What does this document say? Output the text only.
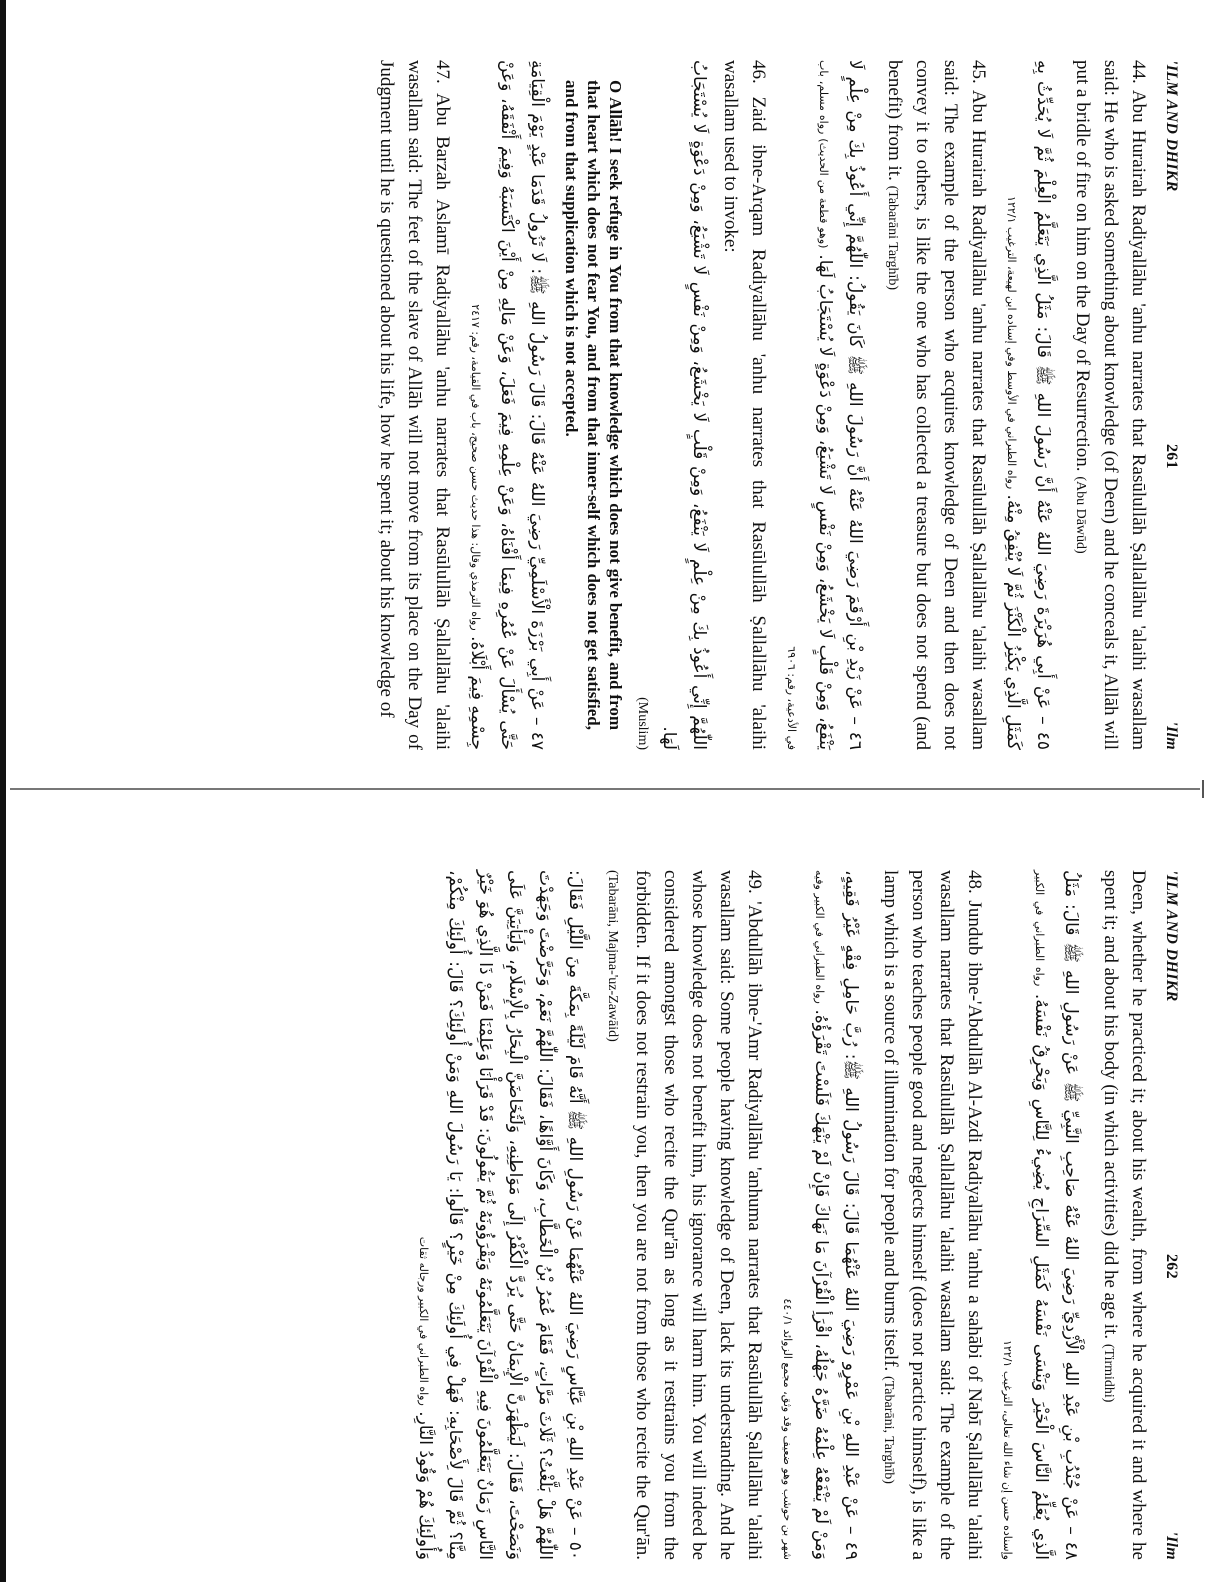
'ILM AND DHIKR
261
'Ilm

44. Abu Hurairah Radiyallāhu 'anhu narrates that Rasūlullāh Ṣallallāhu 'alaihi wasallam said: He who is asked something about knowledge (of Deen) and he conceals it, Allāh will put a bridle of fire on him on the Day of Resurrection. (Abu Dāwūd)

٤٥ – عَنْ أَبِي هُرَيْرَةَ رَضِيَ اللهُ عَنْهُ أَنَّ رَسُولَ اللهِ ﷺ قَالَ: مَثَلُ الَّذِي يَتَعَلَّمُ الْعِلْمَ ثُمَّ لَا يُحَدِّثُ بِهِ كَمَثَلِ الَّذِي يَكْنِزُ الْكَنْزَ ثُمَّ لَا يُنْفِقُ مِنْهُ. رواه الطبراني في الأوسط وفي إسناده ابن لهيعة، الترغيب ١٢٢/١

45. Abu Hurairah Radiyallāhu 'anhu narrates that Rasūlullāh Ṣallallāhu 'alaihi wasallam said: The example of the person who acquires knowledge of Deen and then does not convey it to others, is like the one who has collected a treasure but does not spend (and benefit) from it. (Tabarāni Targhīb)

٤٦ – عَنْ زَيْدِ بْنِ أَرْقَمَ رَضِيَ اللهُ عَنْهُ أَنَّ رَسُولَ اللهِ ﷺ كَانَ يَقُولُ: اللّٰهُمَّ إِنِّي أَعُوذُ بِكَ مِنْ عِلْمٍ لَا يَنْفَعُ، وَمِنْ قَلْبٍ لَا يَخْشَعُ، وَمِنْ نَفْسٍ لَا تَشْبَعُ، وَمِنْ دَعْوَةٍ لَا يُسْتَجَابُ لَهَا. (وهو قطعة من الحديث) رواه مسلم، باب في الأدعية، رقم: ٦٩٠٦

46. Zaid ibne-Arqam Radiyallāhu 'anhu narrates that Rasūlullāh Ṣallallāhu 'alaihi wasallam used to invoke:

اللّٰهُمَّ إِنِّي أَعُوذُ بِكَ مِنْ عِلْمٍ لَا يَنْفَعُ، وَمِنْ قَلْبٍ لَا يَخْشَعُ، وَمِنْ نَفْسٍ لَا تَشْبَعُ، وَمِنْ دَعْوَةٍ لَا يُسْتَجَابُ لَهَا.

(Muslim)

O Allāh! I seek refuge in You from that knowledge which does not give benefit, and from that heart which does not fear You, and from that inner-self which does not get satisfied, and from that supplication which is not accepted.

٤٧ – عَنْ أَبِي بَرْزَةَ الْأَسْلَمِيِّ رَضِيَ اللهُ عَنْهُ قَالَ: قَالَ رَسُولُ اللهِ ﷺ: لَا تَزُولُ قَدَمَا عَبْدٍ يَوْمَ الْقِيَامَةِ حَتَّى يُسْأَلَ عَنْ عُمُرِهِ فِيمَا أَفْنَاهُ، وَعَنْ عِلْمِهِ فِيمَ فَعَلَ، وَعَنْ مَالِهِ مِنْ أَيْنَ اكْتَسَبَهُ وَفِيمَ أَنْفَقَهُ، وَعَنْ جِسْمِهِ فِيمَ أَبْلَاهُ. رواه الترمذي وقال: هذا حديث حسن صحيح، باب في القيامة، رقم: ٢٤١٧

47. Abu Barzah Aslamī Radiyallāhu 'anhu narrates that Rasūlullāh Ṣallallāhu 'alaihi wasallam said: The feet of the slave of Allāh will not move from its place on the Day of Judgment until he is questioned about his life, how he spent it; about his knowledge of

'ILM AND DHIKR
262
'Ilm

Deen, whether he practiced it; about his wealth, from where he acquired it and where he spent it; and about his body (in which activities) did he age it. (Tirmidhi)

٤٨ – عَنْ جُنْدُبِ بْنِ عَبْدِ اللهِ الْأَزْدِيِّ رَضِيَ اللهُ عَنْهُ صَاحِبِ النَّبِيِّ ﷺ عَنْ رَسُولِ اللهِ ﷺ قَالَ: مَثَلُ الَّذِي يُعَلِّمُ النَّاسَ الْخَيْرَ وَيَنْسَى نَفْسَهُ كَمَثَلِ السِّرَاجِ يُضِيءُ لِلنَّاسِ وَيَحْرِقُ نَفْسَهُ. رواه الطبراني في الكبير وإسناده حسن إن شاء الله تعالى، الترغيب ١٢٢/١

48. Jundub ibne-'Abdullāh Al-Azdi Radiyallāhu 'anhu a sahābi of Nabī Ṣallallāhu 'alaihi wasallam narrates that Rasūlullāh Ṣallallāhu 'alaihi wasallam said: The example of the person who teaches people good and neglects himself (does not practice himself), is like a lamp which is a source of illumination for people and burns itself. (Tabarāni, Targhīb)

٤٩ – عَنْ عَبْدِ اللهِ بْنِ عَمْرٍو رَضِيَ اللهُ عَنْهُمَا قَالَ: قَالَ رَسُولُ اللهِ ﷺ: رُبَّ حَامِلِ فِقْهٍ غَيْرُ فَقِيهٍ، وَمَنْ لَمْ يَنْفَعْهُ عِلْمُهُ ضَرَّهُ جَهْلُهُ، اقْرَأِ الْقُرْآنَ مَا نَهَاكَ فَإِنْ لَمْ يَنْهَكَ فَلَسْتَ تَقْرَؤُهُ. رواه الطبراني في الكبير وفيه شهر بن حوشب وهو ضعيف وقد وثق، مجمع الزوائد ٤٤٠/١

49. 'Abdullāh ibne-'Amr Radiyallāhu 'anhuma narrates that Rasūlullāh Ṣallallāhu 'alaihi wasallam said: Some people having knowledge of Deen, lack its understanding. And he whose knowledge does not benefit him, his ignorance will harm him. You will indeed be considered amongst those who recite the Qur'ān as long as it restrains you from the forbidden. If it does not restrain you, then you are not from those who recite the Qur'ān. (Tabarāni, Majma-'uz-Zawāid)

٥٠ – عَنْ عَبْدِ اللهِ بْنِ عَبَّاسٍ رَضِيَ اللهُ عَنْهُمَا عَنْ رَسُولِ اللهِ ﷺ أَنَّهُ قَامَ لَيْلَةً بِمَكَّةَ مِنَ اللَّيْلِ فَقَالَ: اللّٰهُمَّ هَلْ بَلَّغْتُ؟ ثَلَاثَ مَرَّاتٍ، فَقَامَ عُمَرُ بْنُ الْخَطَّابِ، وَكَانَ أَوَّاهًا، فَقَالَ: اللّٰهُمَّ نَعَمْ، وَحَرَّضْتَ وَجَهَدْتَ وَنَصَحْتَ، فَقَالَ: لَيَظْهَرَنَّ الْإِيمَانُ حَتَّى يُرَدَّ الْكُفْرُ إِلَى مَوَاطِنِهِ، وَلَتُخَاضَنَّ الْبِحَارُ بِالْإِسْلَامِ، وَلَيَأْتِيَنَّ عَلَى النَّاسِ زَمَانٌ يَتَعَلَّمُونَ فِيهِ الْقُرْآنَ يَتَعَلَّمُونَهُ وَيَقْرَؤُونَهُ ثُمَّ يَقُولُونَ: قَدْ قَرَأْنَا وَعَلِمْنَا فَمَنْ ذَا الَّذِي هُوَ خَيْرٌ مِنَّا؟ ثُمَّ قَالَ لِأَصْحَابِهِ: فَهَلْ فِي أُولَئِكَ مِنْ خَيْرٍ؟ قَالُوا: يَا رَسُولَ اللهِ وَمَنْ أُولَئِكَ؟ قَالَ: أُولَئِكَ مِنْكُمْ، وَأُولَئِكَ هُمْ وَقُودُ النَّارِ. رواه الطبراني في الكبير ورجاله ثقات
